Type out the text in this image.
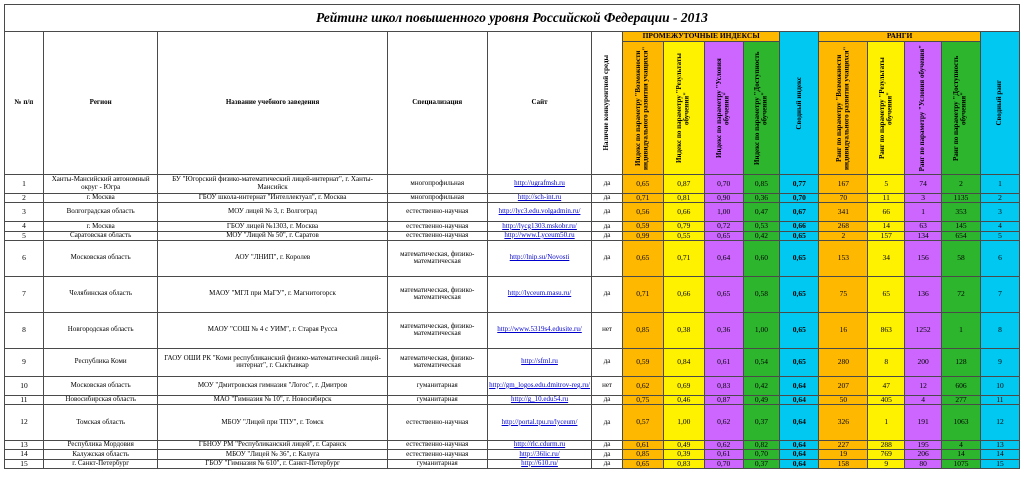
Рейтинг школ повышенного уровня Российской Федерации - 2013															
№ п/п	Регион	Название учебного заведения	Специализация	Сайт	Наличие конкурентной среды	ПРОМЕЖУТОЧНЫЕ ИНДЕКСЫ				Сводный индекс	РАНГИ				Сводный ранг

						Индекс по параметру "Возможности индивидуального развития учащихся"	Индекс по параметру "Результаты обучения"	Индекс по параметру "Условия обучения"	Индекс по параметру "Доступность обучения"		Ранг по параметру "Возможности индивидуального развития учащихся"	Ранг по параметру "Результаты обучения"	Ранг по параметру "Условия обучения"	Ранг по параметру "Доступность обучения"	

1	Ханты-Мансийский автономный округ - Югра	БУ "Югорский физико-математический лицей-интернат", г. Ханты-Мансийск	многопрофильная	http://ugrafmsh.ru	да	0,65	0,87	0,70	0,85	0,77	167	5	74	2	1
2	г. Москва	ГБОУ школа-интернат "Интеллектуал", г. Москва	многопрофильная	http://sch-int.ru	да	0,71	0,81	0,90	0,36	0,70	70	11	3	1135	2
3	Волгоградская область	МОУ лицей № 3, г. Волгоград	естественно-научная	http://lyc3.edu.volgadmin.ru/	да	0,56	0,66	1,00	0,47	0,67	341	66	1	353	3
4	г. Москва	ГБОУ лицей №1303, г. Москва	естественно-научная	http://lycg1303.mskobr.ru/	да	0,59	0,79	0,72	0,53	0,66	268	14	63	145	4
5	Саратовская область	МОУ "Лицей № 50", г. Саратов	естественно-научная	http://www.Lyceum50.ru	да	0,99	0,55	0,65	0,42	0,65	2	157	134	654	5
6	Московская область	АОУ "ЛНИП", г. Королев	математическая, физико-математическая	http://lnip.su/Novosti	да	0,65	0,71	0,64	0,60	0,65	153	34	156	58	6
7	Челябинская область	МАОУ "МГЛ при МаГУ", г. Магнитогорск	математическая, физико-математическая	http://lyceum.masu.ru/	да	0,71	0,66	0,65	0,58	0,65	75	65	136	72	7
8	Новгородская область	МАОУ "СОШ № 4 с УИМ", г. Старая Русса	математическая, физико-математическая	http://www.5319s4.edusite.ru/	нет	0,85	0,38	0,36	1,00	0,65	16	863	1252	1	8
9	Республика Коми	ГАОУ ОШИ РК "Коми республиканский физико-математический лицей-интернат", г. Сыктывкар	математическая, физико-математическая	http://sfml.ru	да	0,59	0,84	0,61	0,54	0,65	280	8	200	128	9
10	Московская область	МОУ "Дмитровская гимназия "Логос", г. Дмитров	гуманитарная	http://gm_logos.edu.dmitrov-reg.ru/	нет	0,62	0,69	0,83	0,42	0,64	207	47	12	606	10
11	Новосибирская область	МАО "Гимназия № 10", г. Новосибирск	гуманитарная	http://g_10.edu54.ru	да	0,75	0,46	0,87	0,49	0,64	50	405	4	277	11
12	Томская область	МБОУ "Лицей при ТПУ", г. Томск	естественно-научная	http://portal.tpu.ru/lyceum/	да	0,57	1,00	0,62	0,37	0,64	326	1	191	1063	12
13	Республика Мордовия	ГБНОУ РМ "Республиканский лицей", г. Саранск	естественно-научная	http://rlc.cdurm.ru	да	0,61	0,49	0,62	0,82	0,64	227	288	195	4	13
14	Калужская область	МБОУ "Лицей № 36", г. Калуга	естественно-научная	http://36lic.ru/	да	0,85	0,39	0,61	0,70	0,64	19	769	206	14	14
15	г. Санкт-Петербург	ГБОУ "Гимназия № 610", г. Санкт-Петербург	гуманитарная	http://610.ru/	да	0,65	0,83	0,70	0,37	0,64	158	9	80	1075	15
